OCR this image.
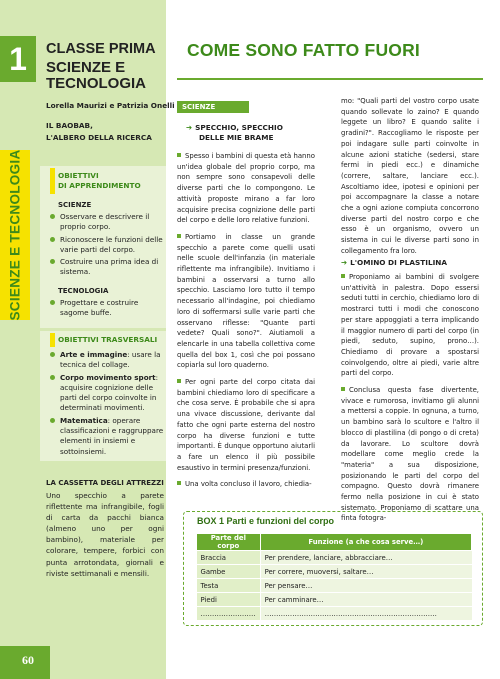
1
SCIENZE E TECNOLOGIA
CLASSE PRIMA
SCIENZE E
TECNOLOGIA
Lorella Maurizi e Patrizia Onelli
IL BAOBAB,
L'ALBERO DELLA RICERCA
OBIETTIVI
DI APPRENDIMENTO
SCIENZE
Osservare e descrivere il proprio corpo.
Riconoscere le funzioni delle varie parti del corpo.
Costruire una prima idea di sistema.
TECNOLOGIA
Progettare e costruire sagome buffe.
OBIETTIVI TRASVERSALI
Arte e immagine: usare la tecnica del collage.
Corpo movimento sport: acquisire cognizione delle parti del corpo coinvolte in determinati movimenti.
Matematica: operare classificazioni e raggruppare elementi in insiemi e sottoinsiemi.
LA CASSETTA DEGLI ATTREZZI

Uno specchio a parete riflettente ma infrangibile, fogli di carta da pacchi bianca (almeno uno per ogni bambino), materiale per colorare, tempere, forbici con punta arrotondata, giornali e riviste settimanali e mensili.

60
COME SONO FATTO FUORI
SCIENZE
➔ SPECCHIO, SPECCHIO
DELLE MIE BRAME

Spesso i bambini di questa età hanno un'idea globale del proprio corpo, ma non sempre sono consapevoli delle diverse parti che lo compongono. Le attività proposte mirano a far loro acquisire precisa cognizione delle parti del corpo e delle loro relative funzioni.

Portiamo in classe un grande specchio a parete come quelli usati nelle scuole dell'infanzia (in materiale riflettente ma infrangibile). Invitiamo i bambini a osservarsi a turno allo specchio. Lasciamo loro tutto il tempo necessario all'indagine, poi chiediamo loro di soffermarsi sulle varie parti che osservano riflesse: "Quante parti vedete? Quali sono?". Aiutiamoli a elencarle in una tabella collettiva come quella del box 1, così che poi possano copiarla sul loro quaderno.

Per ogni parte del corpo citata dai bambini chiediamo loro di specificare a che cosa serve. È probabile che si apra una vivace discussione, derivante dal fatto che ogni parte esterna del nostro corpo ha diverse funzioni e tutte importanti. È dunque opportuno aiutarli a fare un elenco il più possibile esaustivo in termini presenza/funzioni.

Una volta concluso il lavoro, chiedia-

mo: "Quali parti del vostro corpo usate quando sollevate lo zaino? E quando leggete un libro? E quando salite i gradini?". Raccogliamo le risposte per poi indagare sulle parti coinvolte in alcune azioni statiche (sedersi, stare fermi in piedi ecc.) e dinamiche (correre, saltare, lanciare ecc.). Ascoltiamo idee, ipotesi e opinioni per poi accompagnare la classe a notare che a ogni azione compiuta concorrono diverse parti del nostro corpo e che esso è un organismo, ovvero un sistema in cui le diverse parti sono in collegamento fra loro.

➔ L'OMINO DI PLASTILINA

Proponiamo ai bambini di svolgere un'attività in palestra. Dopo essersi seduti tutti in cerchio, chiediamo loro di mostrarci tutti i modi che conoscono per stare appoggiati a terra implicando il maggior numero di parti del corpo (in piedi, seduto, supino, prono…). Chiediamo di provare a spostarsi coinvolgendo, oltre ai piedi, varie altre parti del corpo.

Conclusa questa fase divertente, vivace e rumorosa, invitiamo gli alunni a mettersi a coppie. In ognuna, a turno, un bambino sarà lo scultore e l'altro il blocco di plastilina (di pongo o di creta) da lavorare. Lo scultore dovrà modellare come meglio crede la "materia" a sua disposizione, posizionando le parti del corpo del compagno. Questo dovrà rimanere fermo nella posizione in cui è stato sistemato. Proponiamo di scattare una finta fotogra-

BOX 1 Parti e funzioni del corpo
Parte del corpo	Funzione (a che cosa serve…)
Braccia	Per prendere, lanciare, abbracciare…
Gambe	Per correre, muoversi, saltare…
Testa	Per pensare…
Piedi	Per camminare…
……………………	…………………………………………………………………
